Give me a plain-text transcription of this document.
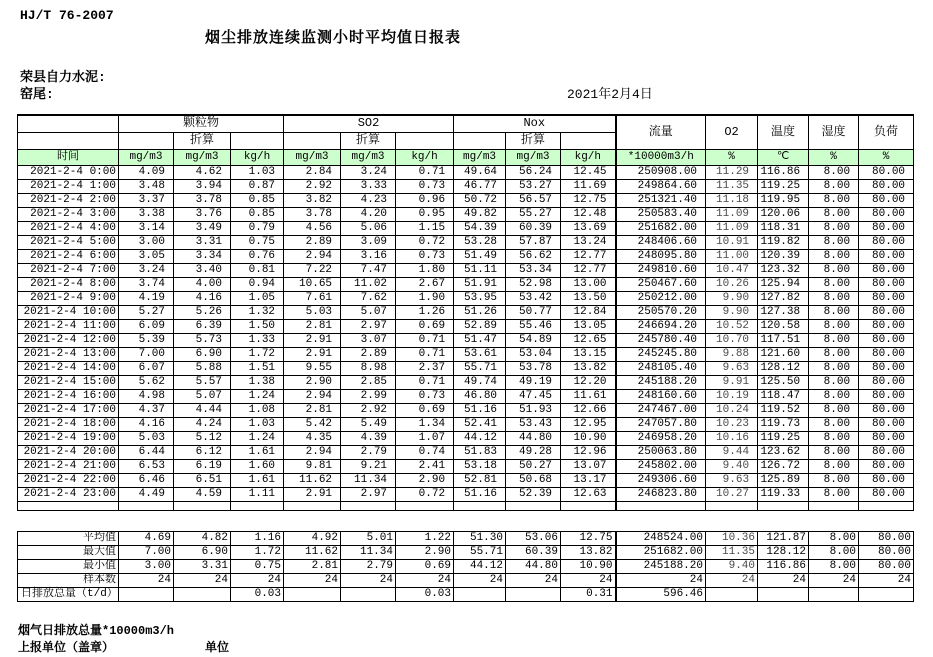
HJ/T 76-2007
烟尘排放连续监测小时平均值日报表
荣县自力水泥:
窑尾:	2021年2月4日
	颗粒物			SO2			Nox			流量	O2	温度	湿度	负荷
		折算			折算			折算						
时间	mg/m3	mg/m3	kg/h	mg/m3	mg/m3	kg/h	mg/m3	mg/m3	kg/h	*10000m3/h	%	℃	%	%
2021-2-4 0:00	4.09	4.62	1.03	2.84	3.24	0.71	49.64	56.24	12.45	250908.00	11.29	116.86	8.00	80.00
2021-2-4 1:00	3.48	3.94	0.87	2.92	3.33	0.73	46.77	53.27	11.69	249864.60	11.35	119.25	8.00	80.00
2021-2-4 2:00	3.37	3.78	0.85	3.82	4.23	0.96	50.72	56.57	12.75	251321.40	11.18	119.95	8.00	80.00
2021-2-4 3:00	3.38	3.76	0.85	3.78	4.20	0.95	49.82	55.27	12.48	250583.40	11.09	120.06	8.00	80.00
2021-2-4 4:00	3.14	3.49	0.79	4.56	5.06	1.15	54.39	60.39	13.69	251682.00	11.09	118.31	8.00	80.00
2021-2-4 5:00	3.00	3.31	0.75	2.89	3.09	0.72	53.28	57.87	13.24	248406.60	10.91	119.82	8.00	80.00
2021-2-4 6:00	3.05	3.34	0.76	2.94	3.16	0.73	51.49	56.62	12.77	248095.80	11.00	120.39	8.00	80.00
2021-2-4 7:00	3.24	3.40	0.81	7.22	7.47	1.80	51.11	53.34	12.77	249810.60	10.47	123.32	8.00	80.00
2021-2-4 8:00	3.74	4.00	0.94	10.65	11.02	2.67	51.91	52.98	13.00	250467.60	10.26	125.94	8.00	80.00
2021-2-4 9:00	4.19	4.16	1.05	7.61	7.62	1.90	53.95	53.42	13.50	250212.00	9.90	127.82	8.00	80.00
2021-2-4 10:00	5.27	5.26	1.32	5.03	5.07	1.26	51.26	50.77	12.84	250570.20	9.90	127.38	8.00	80.00
2021-2-4 11:00	6.09	6.39	1.50	2.81	2.97	0.69	52.89	55.46	13.05	246694.20	10.52	120.58	8.00	80.00
2021-2-4 12:00	5.39	5.73	1.33	2.91	3.07	0.71	51.47	54.89	12.65	245780.40	10.70	117.51	8.00	80.00
2021-2-4 13:00	7.00	6.90	1.72	2.91	2.89	0.71	53.61	53.04	13.15	245245.80	9.88	121.60	8.00	80.00
2021-2-4 14:00	6.07	5.88	1.51	9.55	8.98	2.37	55.71	53.78	13.82	248105.40	9.63	128.12	8.00	80.00
2021-2-4 15:00	5.62	5.57	1.38	2.90	2.85	0.71	49.74	49.19	12.20	245188.20	9.91	125.50	8.00	80.00
2021-2-4 16:00	4.98	5.07	1.24	2.94	2.99	0.73	46.80	47.45	11.61	248160.60	10.19	118.47	8.00	80.00
2021-2-4 17:00	4.37	4.44	1.08	2.81	2.92	0.69	51.16	51.93	12.66	247467.00	10.24	119.52	8.00	80.00
2021-2-4 18:00	4.16	4.24	1.03	5.42	5.49	1.34	52.41	53.43	12.95	247057.80	10.23	119.73	8.00	80.00
2021-2-4 19:00	5.03	5.12	1.24	4.35	4.39	1.07	44.12	44.80	10.90	246958.20	10.16	119.25	8.00	80.00
2021-2-4 20:00	6.44	6.12	1.61	2.94	2.79	0.74	51.83	49.28	12.96	250063.80	9.44	123.62	8.00	80.00
2021-2-4 21:00	6.53	6.19	1.60	9.81	9.21	2.41	53.18	50.27	13.07	245802.00	9.40	126.72	8.00	80.00
2021-2-4 22:00	6.46	6.51	1.61	11.62	11.34	2.90	52.81	50.68	13.17	249306.60	9.63	125.89	8.00	80.00
2021-2-4 23:00	4.49	4.59	1.11	2.91	2.97	0.72	51.16	52.39	12.63	246823.80	10.27	119.33	8.00	80.00

平均值	4.69	4.82	1.16	4.92	5.01	1.22	51.30	53.06	12.75	248524.00	10.36	121.87	8.00	80.00
最大值	7.00	6.90	1.72	11.62	11.34	2.90	55.71	60.39	13.82	251682.00	11.35	128.12	8.00	80.00
最小值	3.00	3.31	0.75	2.81	2.79	0.69	44.12	44.80	10.90	245188.20	9.40	116.86	8.00	80.00
样本数	24	24	24	24	24	24	24	24	24	24	24	24	24	24
日排放总量（t/d）			0.03			0.03			0.31	596.46				
烟气日排放总量*10000m3/h
上报单位（盖章）	单位
